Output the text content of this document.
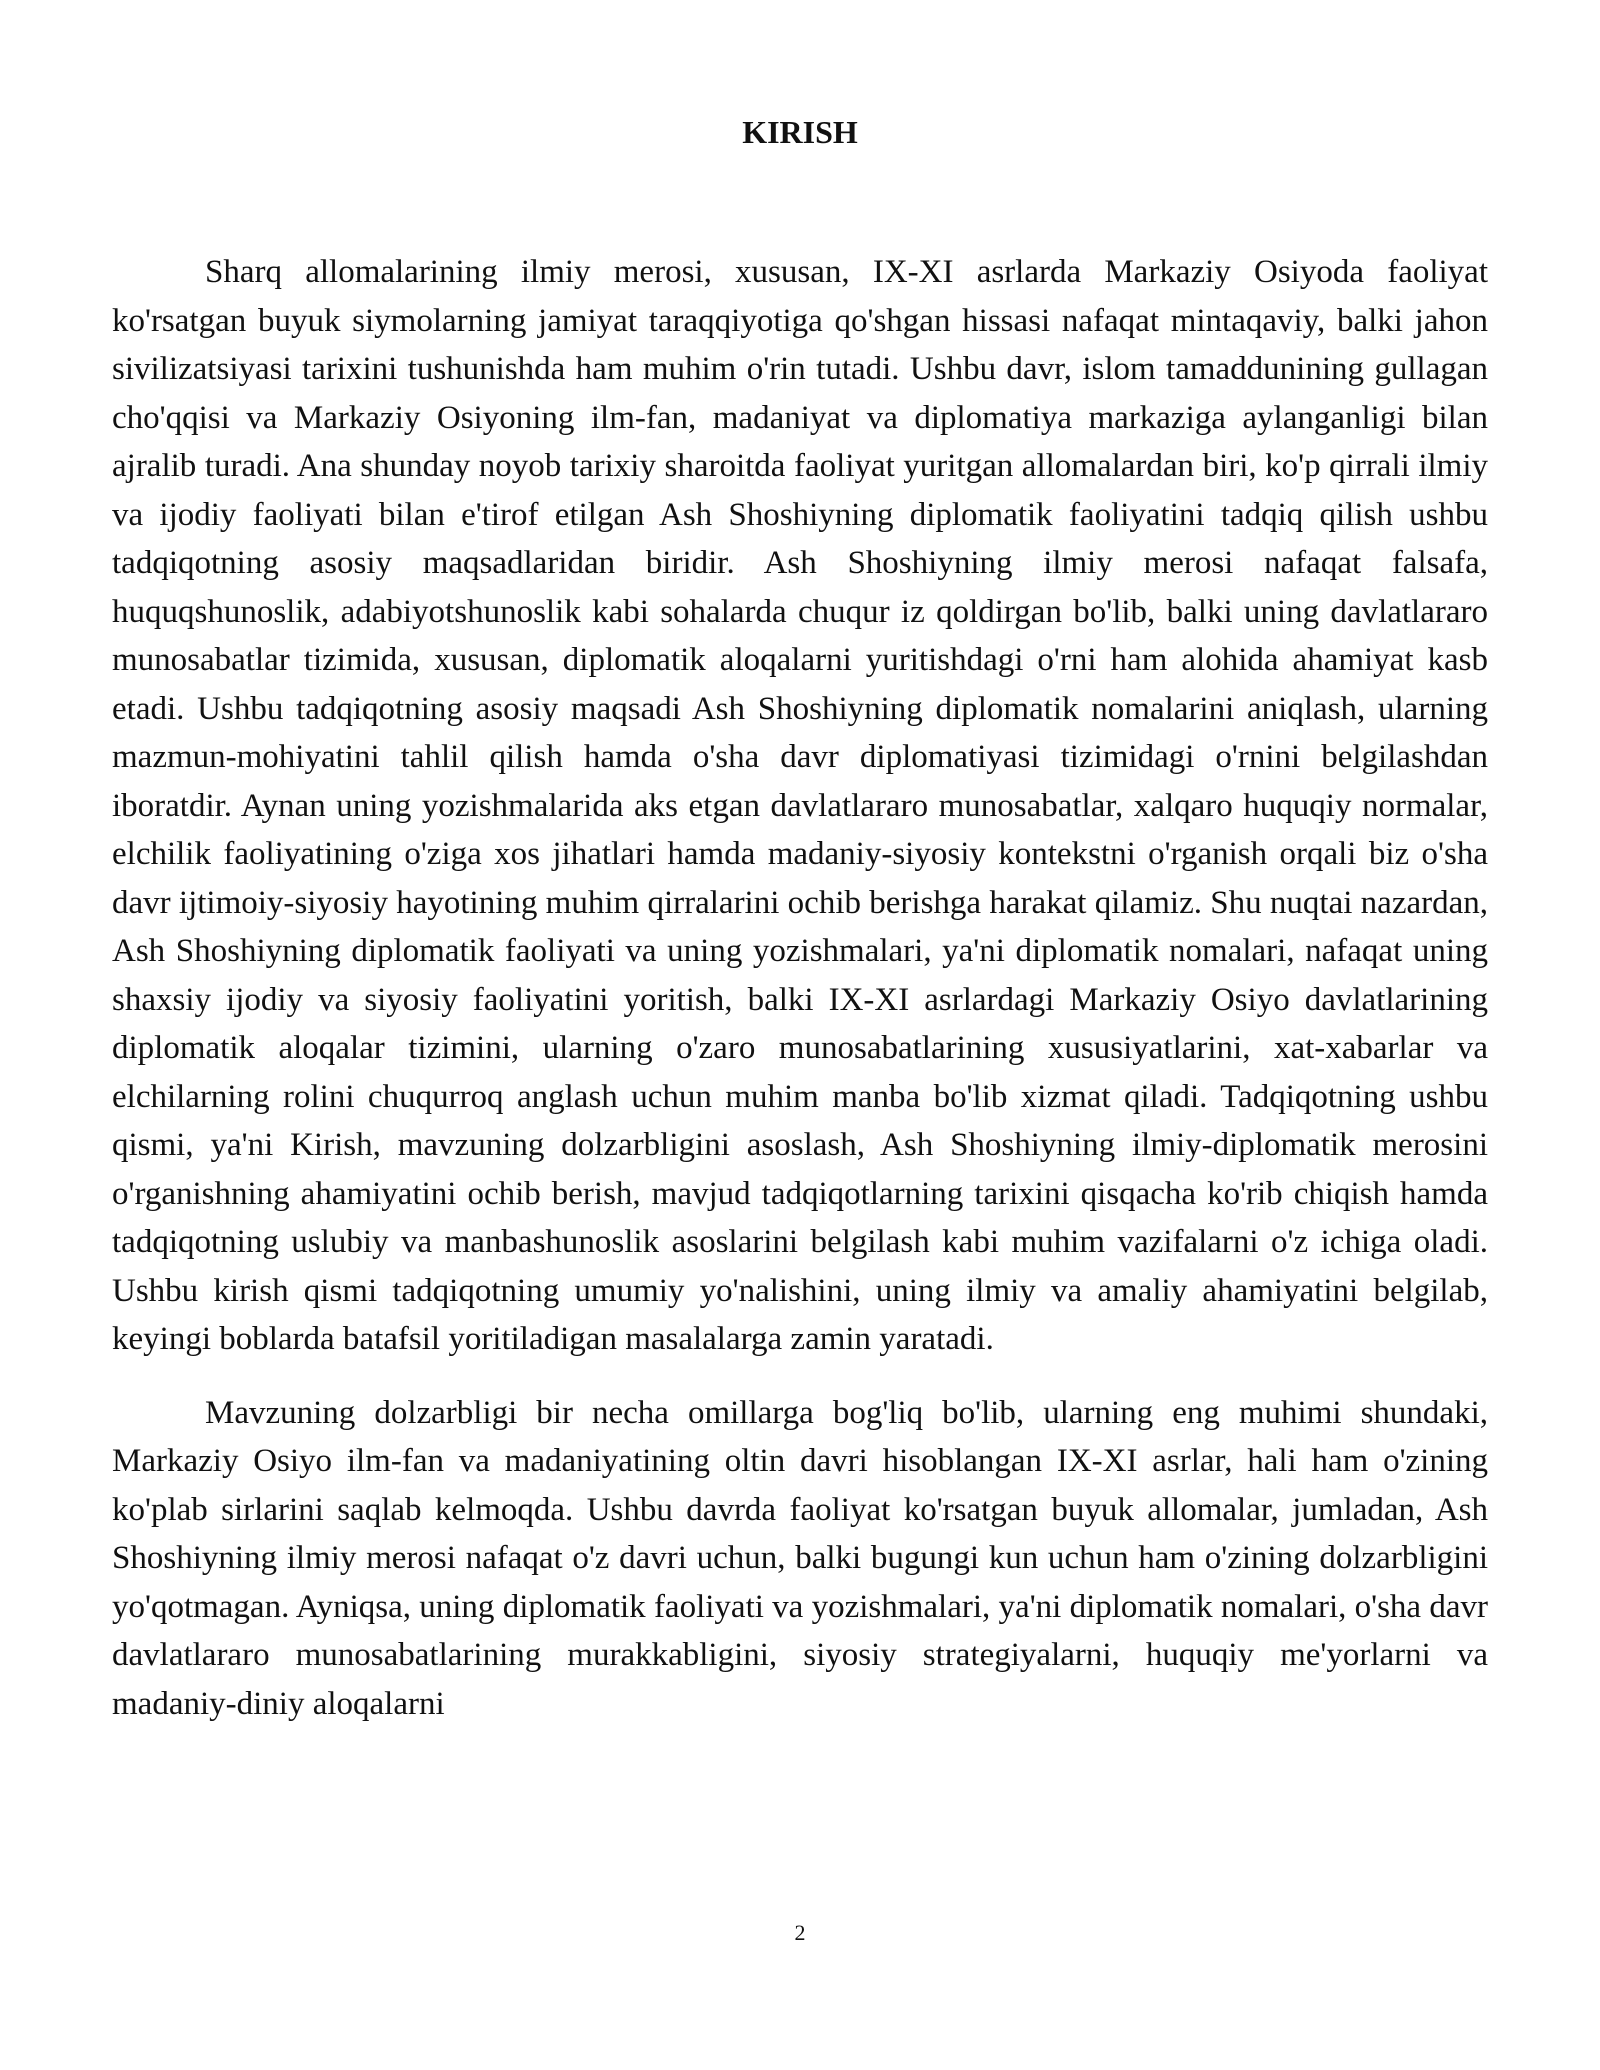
KIRISH

Sharq allomalarining ilmiy merosi, xususan, IX-XI asrlarda Markaziy Osiyoda faoliyat ko'rsatgan buyuk siymolarning jamiyat taraqqiyotiga qo'shgan hissasi nafaqat mintaqaviy, balki jahon sivilizatsiyasi tarixini tushunishda ham muhim o'rin tutadi. Ushbu davr, islom tamaddunining gullagan cho'qqisi va Markaziy Osiyoning ilm-fan, madaniyat va diplomatiya markaziga aylanganligi bilan ajralib turadi. Ana shunday noyob tarixiy sharoitda faoliyat yuritgan allomalardan biri, ko'p qirrali ilmiy va ijodiy faoliyati bilan e'tirof etilgan Ash Shoshiyning diplomatik faoliyatini tadqiq qilish ushbu tadqiqotning asosiy maqsadlaridan biridir. Ash Shoshiyning ilmiy merosi nafaqat falsafa, huquqshunoslik, adabiyotshunoslik kabi sohalarda chuqur iz qoldirgan bo'lib, balki uning davlatlararo munosabatlar tizimida, xususan, diplomatik aloqalarni yuritishdagi o'rni ham alohida ahamiyat kasb etadi. Ushbu tadqiqotning asosiy maqsadi Ash Shoshiyning diplomatik nomalarini aniqlash, ularning mazmun-mohiyatini tahlil qilish hamda o'sha davr diplomatiyasi tizimidagi o'rnini belgilashdan iboratdir. Aynan uning yozishmalarida aks etgan davlatlararo munosabatlar, xalqaro huquqiy normalar, elchilik faoliyatining o'ziga xos jihatlari hamda madaniy-siyosiy kontekstni o'rganish orqali biz o'sha davr ijtimoiy-siyosiy hayotining muhim qirralarini ochib berishga harakat qilamiz. Shu nuqtai nazardan, Ash Shoshiyning diplomatik faoliyati va uning yozishmalari, ya'ni diplomatik nomalari, nafaqat uning shaxsiy ijodiy va siyosiy faoliyatini yoritish, balki IX-XI asrlardagi Markaziy Osiyo davlatlarining diplomatik aloqalar tizimini, ularning o'zaro munosabatlarining xususiyatlarini, xat-xabarlar va elchilarning rolini chuqurroq anglash uchun muhim manba bo'lib xizmat qiladi. Tadqiqotning ushbu qismi, ya'ni Kirish, mavzuning dolzarbligini asoslash, Ash Shoshiyning ilmiy-diplomatik merosini o'rganishning ahamiyatini ochib berish, mavjud tadqiqotlarning tarixini qisqacha ko'rib chiqish hamda tadqiqotning uslubiy va manbashunoslik asoslarini belgilash kabi muhim vazifalarni o'z ichiga oladi. Ushbu kirish qismi tadqiqotning umumiy yo'nalishini, uning ilmiy va amaliy ahamiyatini belgilab, keyingi boblarda batafsil yoritiladigan masalalarga zamin yaratadi.

Mavzuning dolzarbligi bir necha omillarga bog'liq bo'lib, ularning eng muhimi shundaki, Markaziy Osiyo ilm-fan va madaniyatining oltin davri hisoblangan IX-XI asrlar, hali ham o'zining ko'plab sirlarini saqlab kelmoqda. Ushbu davrda faoliyat ko'rsatgan buyuk allomalar, jumladan, Ash Shoshiyning ilmiy merosi nafaqat o'z davri uchun, balki bugungi kun uchun ham o'zining dolzarbligini yo'qotmagan. Ayniqsa, uning diplomatik faoliyati va yozishmalari, ya'ni diplomatik nomalari, o'sha davr davlatlararo munosabatlarining murakkabligini, siyosiy strategiyalarni, huquqiy me'yorlarni va madaniy-diniy aloqalarni

2
